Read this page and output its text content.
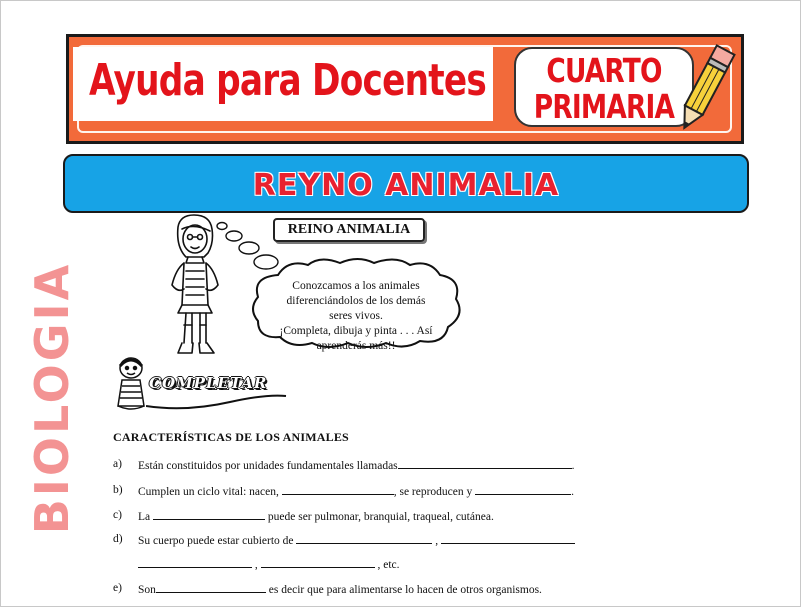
Ayuda para Docentes	CUARTO
PRIMARIA
REYNO ANIMALIA
BIOLOGIA
REINO ANIMALIA
Conozcamos a los animales
diferenciándolos de los demás seres vivos.
¡Completa, dibuja y pinta . . . Así
aprenderás más!!
COMPLETAR
CARACTERÍSTICAS DE LOS ANIMALES
a) Están constituidos por unidades fundamentales llamadas	.
b) Cumplen un ciclo vital: nacen,	, se reproducen y	.
c) La	puede ser pulmonar, branquial, traqueal, cutánea.
d) Su cuerpo puede estar cubierto de	,
,	, etc.
e) Son	es decir que para alimentarse lo hacen de otros organismos.
